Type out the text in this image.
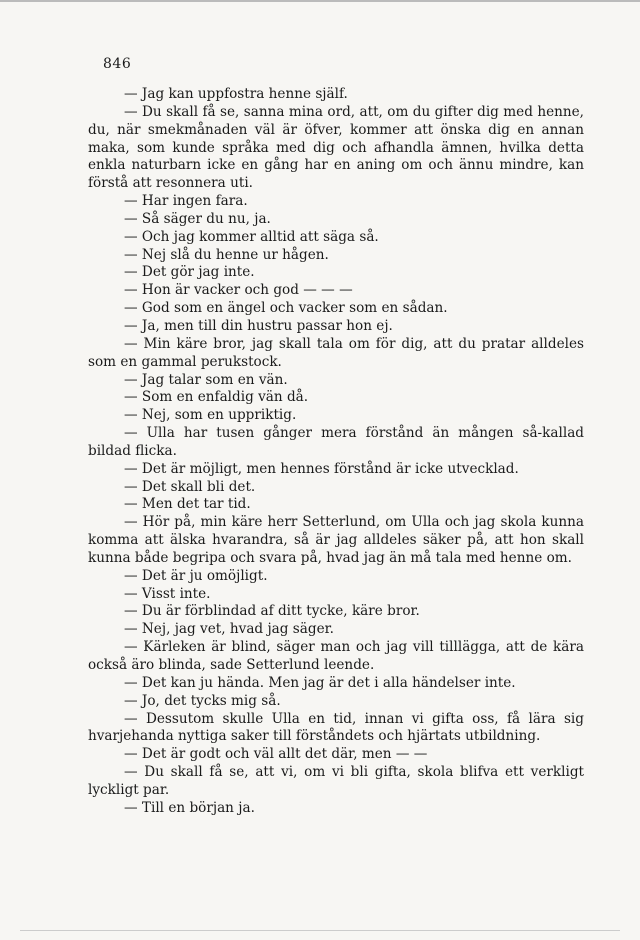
846

— Jag kan uppfostra henne själf.

— Du skall få se, sanna mina ord, att, om du gifter dig med henne, du, när smekmånaden väl är öfver, kommer att önska dig en annan maka, som kunde språka med dig och afhandla ämnen, hvilka detta enkla naturbarn icke en gång har en aning om och ännu mindre, kan förstå att resonnera uti.

— Har ingen fara.

— Så säger du nu, ja.

— Och jag kommer alltid att säga så.

— Nej slå du henne ur hågen.

— Det gör jag inte.

— Hon är vacker och god — — —

— God som en ängel och vacker som en sådan.

— Ja, men till din hustru passar hon ej.

— Min käre bror, jag skall tala om för dig, att du pratar alldeles som en gammal perukstock.

— Jag talar som en vän.

— Som en enfaldig vän då.

— Nej, som en uppriktig.

— Ulla har tusen gånger mera förstånd än mången så-kallad bildad flicka.

— Det är möjligt, men hennes förstånd är icke utvecklad.

— Det skall bli det.

— Men det tar tid.

— Hör på, min käre herr Setterlund, om Ulla och jag skola kunna komma att älska hvarandra, så är jag alldeles säker på, att hon skall kunna både begripa och svara på, hvad jag än må tala med henne om.

— Det är ju omöjligt.

— Visst inte.

— Du är förblindad af ditt tycke, käre bror.

— Nej, jag vet, hvad jag säger.

— Kärleken är blind, säger man och jag vill tilllägga, att de kära också äro blinda, sade Setterlund leende.

— Det kan ju hända. Men jag är det i alla händelser inte.

— Jo, det tycks mig så.

— Dessutom skulle Ulla en tid, innan vi gifta oss, få lära sig hvarjehanda nyttiga saker till förståndets och hjärtats utbildning.

— Det är godt och väl allt det där, men — —

— Du skall få se, att vi, om vi bli gifta, skola blifva ett verkligt lyckligt par.

— Till en början ja.
